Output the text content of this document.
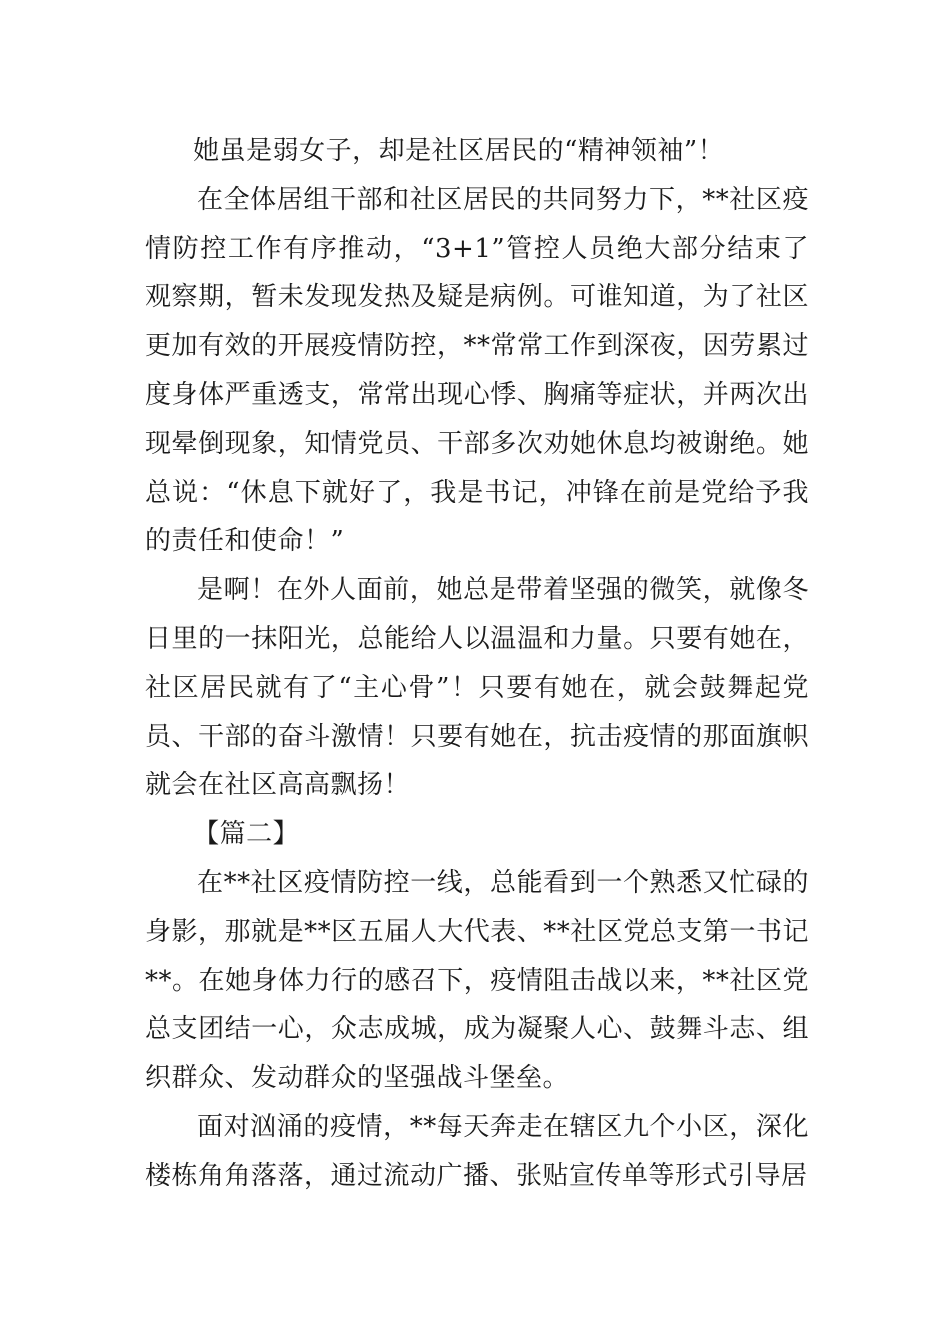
她虽是弱女子，却是社区居民的“精神领袖”！

在全体居组干部和社区居民的共同努力下，**社区疫情防控工作有序推动，“3+1”管控人员绝大部分结束了观察期，暂未发现发热及疑是病例。可谁知道，为了社区更加有效的开展疫情防控，**常常工作到深夜，因劳累过度身体严重透支，常常出现心悸、胸痛等症状，并两次出现晕倒现象，知情党员、干部多次劝她休息均被谢绝。她总说：“休息下就好了，我是书记，冲锋在前是党给予我的责任和使命！”

是啊！在外人面前，她总是带着坚强的微笑，就像冬日里的一抹阳光，总能给人以温温和力量。只要有她在，社区居民就有了“主心骨”！只要有她在，就会鼓舞起党员、干部的奋斗激情！只要有她在，抗击疫情的那面旗帜就会在社区高高飘扬！

【篇二】

在**社区疫情防控一线，总能看到一个熟悉又忙碌的身影，那就是**区五届人大代表、**社区党总支第一书记**。在她身体力行的感召下，疫情阻击战以来，**社区党总支团结一心，众志成城，成为凝聚人心、鼓舞斗志、组织群众、发动群众的坚强战斗堡垒。

面对汹涌的疫情，**每天奔走在辖区九个小区，深化楼栋角角落落，通过流动广播、张贴宣传单等形式引导居
